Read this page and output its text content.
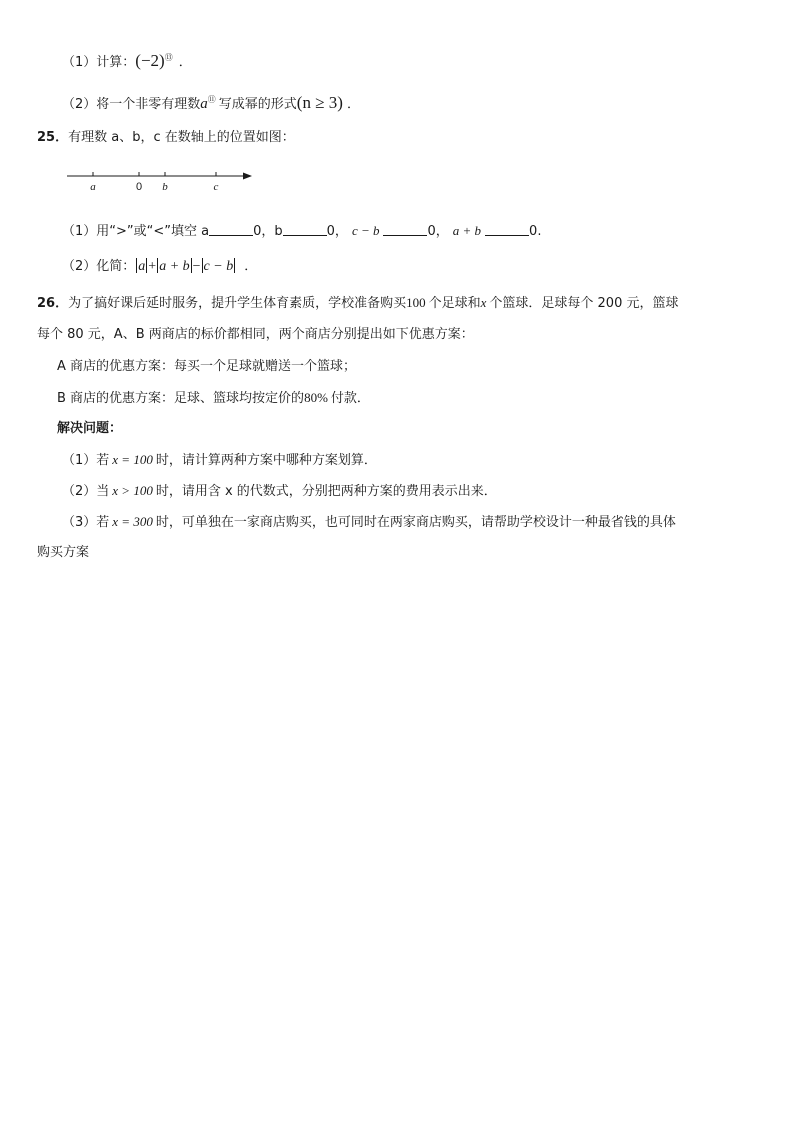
（1）计算：(−2)⑬ ．
（2）将一个非零有理数a⑪ 写成幂的形式(n ≥ 3) ．
25．有理数 a、b，c 在数轴上的位置如图：
a	0 b	c
（1）用“>”或“<”填空 a	0，b	0， c − b	0， a + b	0.
（2）化简： a + a + b − c − b ．
26．为了搞好课后延时服务，提升学生体育素质，学校准备购买100 个足球和x 个篮球．足球每个 200 元，篮球
每个 80 元，A、B 两商店的标价都相同，两个商店分别提出如下优惠方案：
A 商店的优惠方案：每买一个足球就赠送一个篮球；
B 商店的优惠方案：足球、篮球均按定价的80% 付款．
解决问题：
（1）若 x = 100 时，请计算两种方案中哪种方案划算．
（2）当 x > 100 时，请用含 x 的代数式，分别把两种方案的费用表示出来．
（3）若 x = 300 时，可单独在一家商店购买，也可同时在两家商店购买，请帮助学校设计一种最省钱的具体
购买方案
